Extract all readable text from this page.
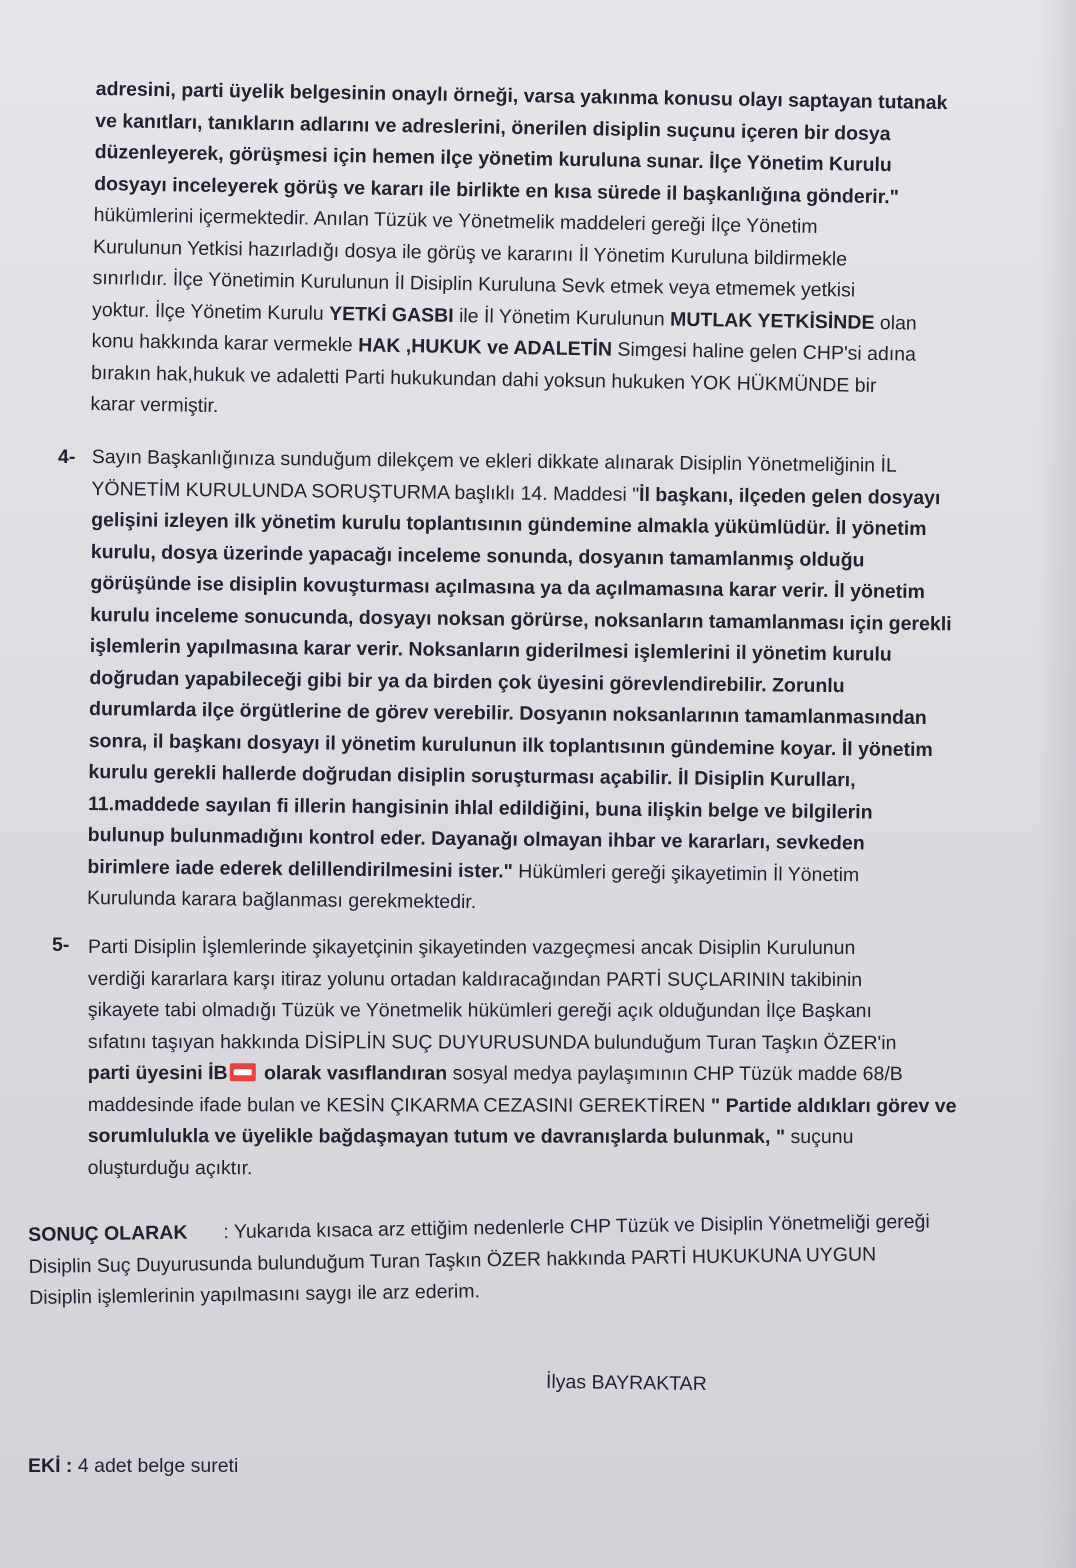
adresini, parti üyelik belgesinin onaylı örneği, varsa yakınma konusu olayı saptayan tutanak

ve kanıtları, tanıkların adlarını ve adreslerini, önerilen disiplin suçunu içeren bir dosya

düzenleyerek, görüşmesi için hemen ilçe yönetim kuruluna sunar. İlçe Yönetim Kurulu

dosyayı inceleyerek görüş ve kararı ile birlikte en kısa sürede il başkanlığına gönderir."

hükümlerini içermektedir. Anılan Tüzük ve Yönetmelik maddeleri gereği İlçe Yönetim

Kurulunun Yetkisi hazırladığı dosya ile görüş ve kararını İl Yönetim Kuruluna bildirmekle

sınırlıdır. İlçe Yönetimin Kurulunun İl Disiplin Kuruluna Sevk etmek veya etmemek yetkisi

yoktur. İlçe Yönetim Kurulu YETKİ GASBI ile İl Yönetim Kurulunun MUTLAK YETKİSİNDE olan

konu hakkında karar vermekle HAK ,HUKUK ve ADALETİN Simgesi haline gelen CHP'si adına

bırakın hak,hukuk ve adaletti Parti hukukundan dahi yoksun hukuken YOK HÜKMÜNDE bir

karar vermiştir.

4- Sayın Başkanlığınıza sunduğum dilekçem ve ekleri dikkate alınarak Disiplin Yönetmeliğinin İL

YÖNETİM KURULUNDA SORUŞTURMA başlıklı 14. Maddesi "İl başkanı, ilçeden gelen dosyayı

gelişini izleyen ilk yönetim kurulu toplantısının gündemine almakla yükümlüdür. İl yönetim

kurulu, dosya üzerinde yapacağı inceleme sonunda, dosyanın tamamlanmış olduğu

görüşünde ise disiplin kovuşturması açılmasına ya da açılmamasına karar verir. İl yönetim

kurulu inceleme sonucunda, dosyayı noksan görürse, noksanların tamamlanması için gerekli

işlemlerin yapılmasına karar verir. Noksanların giderilmesi işlemlerini il yönetim kurulu

doğrudan yapabileceği gibi bir ya da birden çok üyesini görevlendirebilir. Zorunlu

durumlarda ilçe örgütlerine de görev verebilir. Dosyanın noksanlarının tamamlanmasından

sonra, il başkanı dosyayı il yönetim kurulunun ilk toplantısının gündemine koyar. İl yönetim

kurulu gerekli hallerde doğrudan disiplin soruşturması açabilir. İl Disiplin Kurulları,

11.maddede sayılan fi illerin hangisinin ihlal edildiğini, buna ilişkin belge ve bilgilerin

bulunup bulunmadığını kontrol eder. Dayanağı olmayan ihbar ve kararları, sevkeden

birimlere iade ederek delillendirilmesini ister." Hükümleri gereği şikayetimin İl Yönetim

Kurulunda karara bağlanması gerekmektedir.

5- Parti Disiplin İşlemlerinde şikayetçinin şikayetinden vazgeçmesi ancak Disiplin Kurulunun

verdiği kararlara karşı itiraz yolunu ortadan kaldıracağından PARTİ SUÇLARININ takibinin

şikayete tabi olmadığı Tüzük ve Yönetmelik hükümleri gereği açık olduğundan İlçe Başkanı

sıfatını taşıyan hakkında DİSİPLİN SUÇ DUYURUSUNDA bulunduğum Turan Taşkın ÖZER'in

parti üyesini İB olarak vasıflandıran sosyal medya paylaşımının CHP Tüzük madde 68/B

maddesinde ifade bulan ve KESİN ÇIKARMA CEZASINI GEREKTİREN " Partide aldıkları görev ve

sorumlulukla ve üyelikle bağdaşmayan tutum ve davranışlarda bulunmak, " suçunu

oluşturduğu açıktır.

SONUÇ OLARAK : Yukarıda kısaca arz ettiğim nedenlerle CHP Tüzük ve Disiplin Yönetmeliği gereği

Disiplin Suç Duyurusunda bulunduğum Turan Taşkın ÖZER hakkında PARTİ HUKUKUNA UYGUN

Disiplin işlemlerinin yapılmasını saygı ile arz ederim.

İlyas BAYRAKTAR
EKİ : 4 adet belge sureti
